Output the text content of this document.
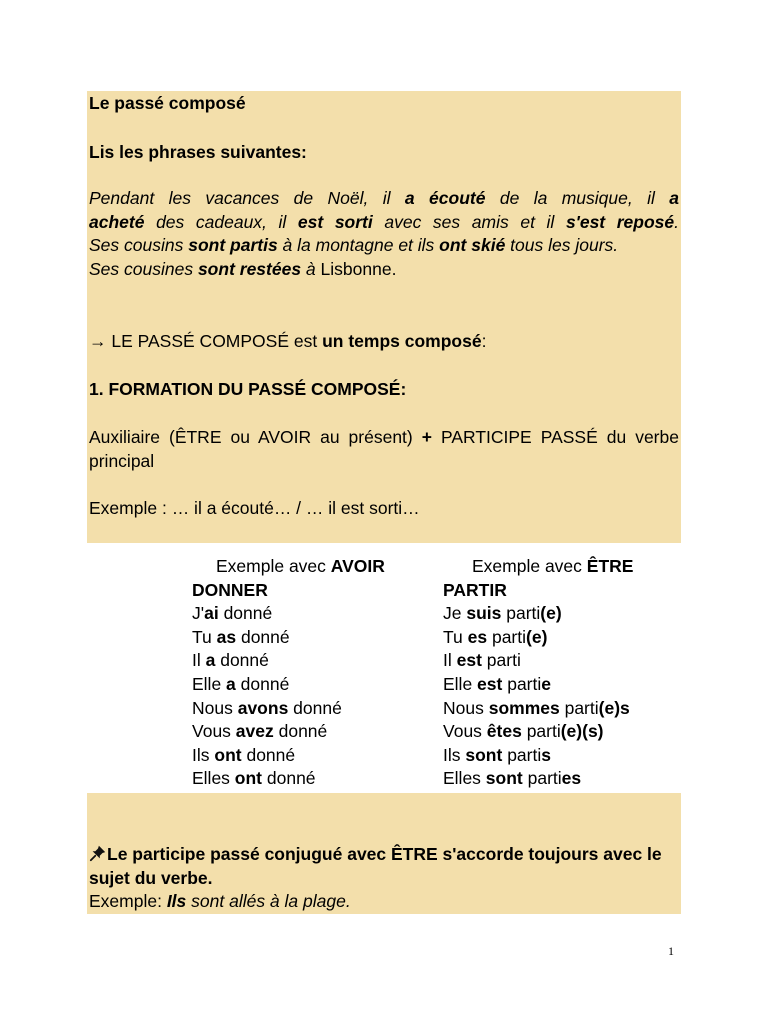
Le passé composé
Lis les phrases suivantes:
Pendant les vacances de Noël, il a écouté de la musique, il a
acheté des cadeaux, il est sorti avec ses amis et il s'est reposé.
Ses cousins sont partis à la montagne et ils ont skié tous les jours.
Ses cousines sont restées à Lisbonne.
→ LE PASSÉ COMPOSÉ est un temps composé:
1. FORMATION DU PASSÉ COMPOSÉ:
Auxiliaire (ÊTRE ou AVOIR au présent) + PARTICIPE PASSÉ du verbe principal
Exemple : … il a écouté… / … il est sorti…
Exemple avec AVOIR
DONNER
J'ai donné
Tu as donné
Il a donné
Elle a donné
Nous avons donné
Vous avez donné
Ils ont donné
Elles ont donné
Exemple avec ÊTRE
PARTIR
Je suis parti(e)
Tu es parti(e)
Il est parti
Elle est partie
Nous sommes parti(e)s
Vous êtes parti(e)(s)
Ils sont partis
Elles sont parties
Le participe passé conjugué avec ÊTRE s'accorde toujours avec le sujet du verbe.
Exemple: Ils sont allés à la plage.
1
